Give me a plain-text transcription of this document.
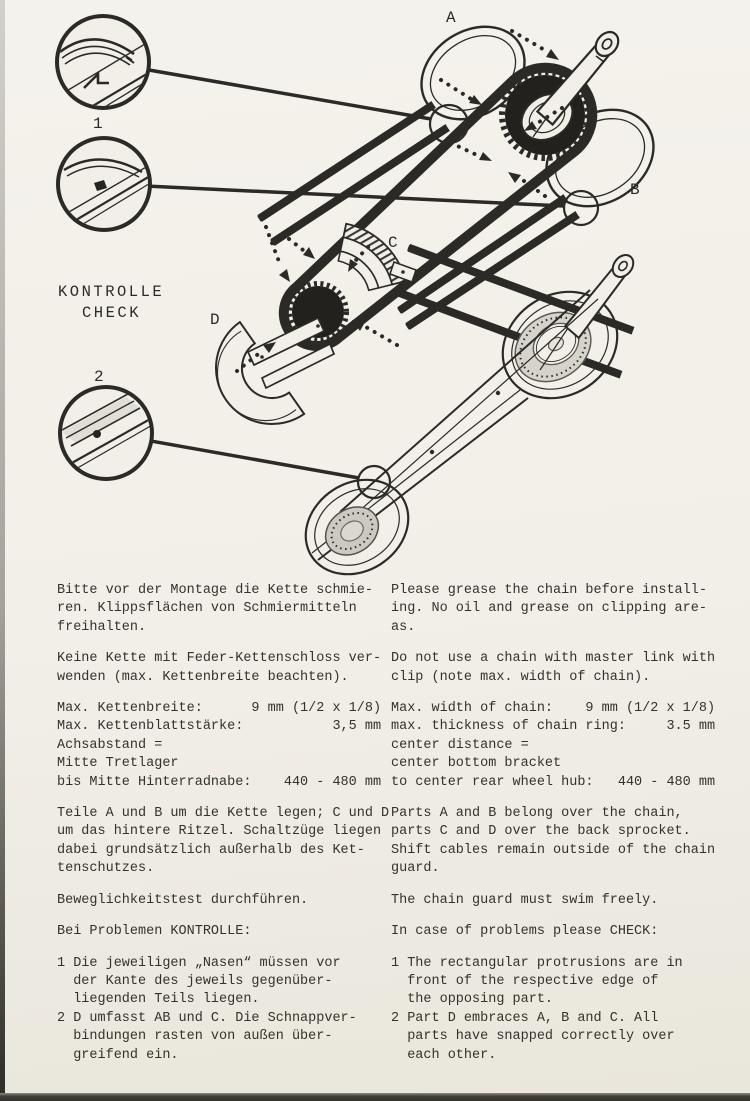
A
B
C
D
1
2
KONTROLLE
CHECK
Bitte vor der Montage die Kette schmie-
ren. Klippsflächen von Schmiermitteln
freihalten.
Keine Kette mit Feder-Kettenschloss ver-
wenden (max. Kettenbreite beachten).
Max. Kettenbreite:      9 mm (1/2 x 1/8)
Max. Kettenblattstärke:           3,5 mm
Achsabstand =
Mitte Tretlager
bis Mitte Hinterradnabe:    440 - 480 mm
Teile A und B um die Kette legen; C und D
um das hintere Ritzel. Schaltzüge liegen
dabei grundsätzlich außerhalb des Ket-
tenschutzes.
Beweglichkeitstest durchführen.
Bei Problemen KONTROLLE:
1 Die jeweiligen „Nasen“ müssen vor
der Kante des jeweils gegenüber-
liegenden Teils liegen.
2 D umfasst AB und C. Die Schnappver-
bindungen rasten von außen über-
greifend ein.
Please grease the chain before install-
ing. No oil and grease on clipping are-
as.
Do not use a chain with master link with
clip (note max. width of chain).
Max. width of chain:    9 mm (1/2 x 1/8)
max. thickness of chain ring:     3.5 mm
center distance =
center bottom bracket
to center rear wheel hub:   440 - 480 mm
Parts A and B belong over the chain,
parts C and D over the back sprocket.
Shift cables remain outside of the chain
guard.
The chain guard must swim freely.
In case of problems please CHECK:
1 The rectangular protrusions are in
front of the respective edge of
the opposing part.
2 Part D embraces A, B and C. All
parts have snapped correctly over
each other.
